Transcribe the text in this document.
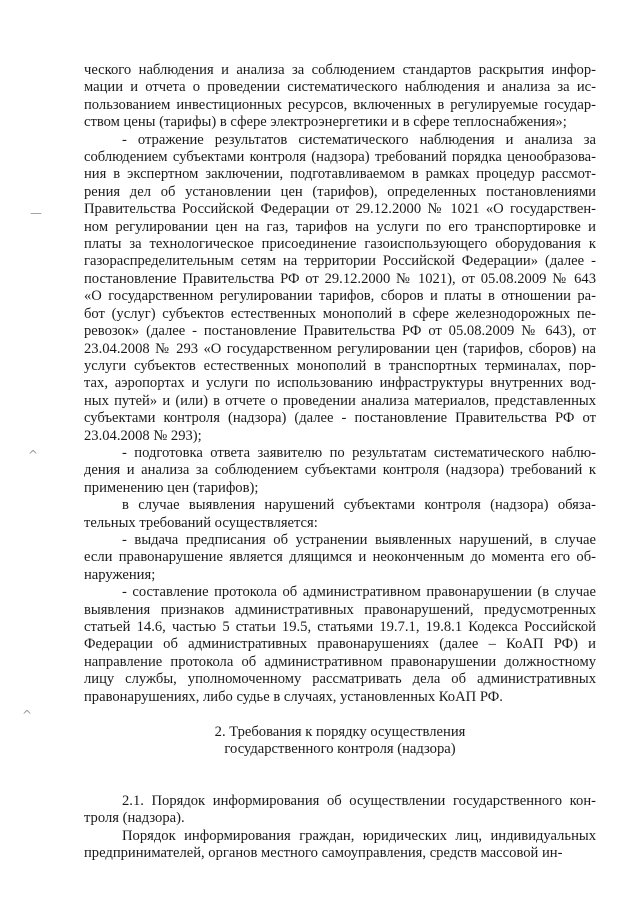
—
^
^
ческого наблюдения и анализа за соблюдением стандартов раскрытия инфор-
мации и отчета о проведении систематического наблюдения и анализа за ис-
пользованием инвестиционных ресурсов, включенных в регулируемые государ-
ством цены (тарифы) в сфере электроэнергетики и в сфере теплоснабжения»;
- отражение результатов систематического наблюдения и анализа за
соблюдением субъектами контроля (надзора) требований порядка ценообразова-
ния в экспертном заключении, подготавливаемом в рамках процедур рассмот-
рения дел об установлении цен (тарифов), определенных постановлениями
Правительства Российской Федерации от 29.12.2000 № 1021 «О государствен-
ном регулировании цен на газ, тарифов на услуги по его транспортировке и
платы за технологическое присоединение газоиспользующего оборудования к
газораспределительным сетям на территории Российской Федерации» (далее -
постановление Правительства РФ от 29.12.2000 № 1021), от 05.08.2009 № 643
«О государственном регулировании тарифов, сборов и платы в отношении ра-
бот (услуг) субъектов естественных монополий в сфере железнодорожных пе-
ревозок» (далее - постановление Правительства РФ от 05.08.2009 № 643), от
23.04.2008 № 293 «О государственном регулировании цен (тарифов, сборов) на
услуги субъектов естественных монополий в транспортных терминалах, пор-
тах, аэропортах и услуги по использованию инфраструктуры внутренних вод-
ных путей» и (или) в отчете о проведении анализа материалов, представленных
субъектами контроля (надзора) (далее - постановление Правительства РФ от
23.04.2008 № 293);
- подготовка ответа заявителю по результатам систематического наблю-
дения и анализа за соблюдением субъектами контроля (надзора) требований к
применению цен (тарифов);
в случае выявления нарушений субъектами контроля (надзора) обяза-
тельных требований осуществляется:
- выдача предписания об устранении выявленных нарушений, в случае
если правонарушение является длящимся и неоконченным до момента его об-
наружения;
- составление протокола об административном правонарушении (в случае
выявления признаков административных правонарушений, предусмотренных
статьей 14.6, частью 5 статьи 19.5, статьями 19.7.1, 19.8.1 Кодекса Российской
Федерации об административных правонарушениях (далее – КоАП РФ) и
направление протокола об административном правонарушении должностному
лицу службы, уполномоченному рассматривать дела об административных
правонарушениях, либо судье в случаях, установленных КоАП РФ.
2. Требования к порядку осуществления
государственного контроля (надзора)
2.1. Порядок информирования об осуществлении государственного кон-
троля (надзора).
Порядок информирования граждан, юридических лиц, индивидуальных
предпринимателей, органов местного самоуправления, средств массовой ин-
